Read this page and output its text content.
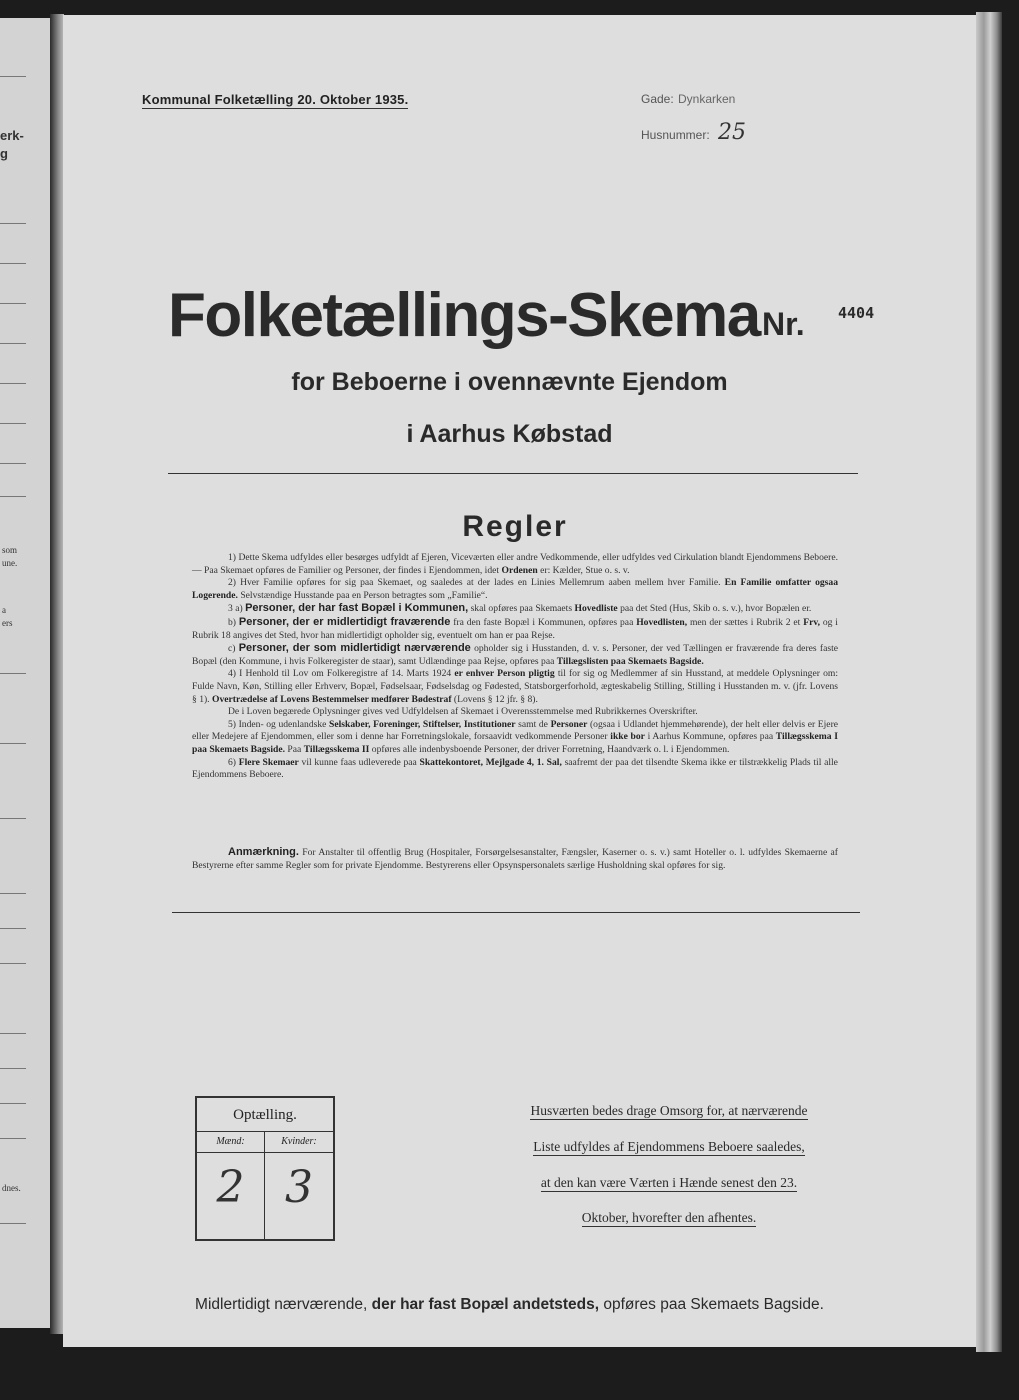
erk-
g
som
une.
a
ers
dnes.
Kommunal Folketælling 20. Oktober 1935.	Gade: Dynkarken
Husnummer: 25
Folketællings-Skema Nr. 4404
for Beboerne i ovennævnte Ejendom
i Aarhus Købstad
Regler

1) Dette Skema udfyldes eller besørges udfyldt af Ejeren, Viceværten eller andre Vedkommende, eller udfyldes ved Cirkulation blandt Ejendommens Beboere. — Paa Skemaet opføres de Familier og Personer, der findes i Ejendommen, idet Ordenen er: Kælder, Stue o. s. v.

2) Hver Familie opføres for sig paa Skemaet, og saaledes at der lades en Linies Mellemrum aaben mellem hver Familie. En Familie omfatter ogsaa Logerende. Selvstændige Husstande paa en Person betragtes som „Familie“.

3 a) Personer, der har fast Bopæl i Kommunen, skal opføres paa Skemaets Hovedliste paa det Sted (Hus, Skib o. s. v.), hvor Bopælen er.

b) Personer, der er midlertidigt fraværende fra den faste Bopæl i Kommunen, opføres paa Hovedlisten, men der sættes i Rubrik 2 et Frv, og i Rubrik 18 angives det Sted, hvor han midlertidigt opholder sig, eventuelt om han er paa Rejse.

c) Personer, der som midlertidigt nærværende opholder sig i Husstanden, d. v. s. Personer, der ved Tællingen er fraværende fra deres faste Bopæl (den Kommune, i hvis Folkeregister de staar), samt Udlændinge paa Rejse, opføres paa Tillægslisten paa Skemaets Bagside.

4) I Henhold til Lov om Folkeregistre af 14. Marts 1924 er enhver Person pligtig til for sig og Medlemmer af sin Husstand, at meddele Oplysninger om: Fulde Navn, Køn, Stilling eller Erhverv, Bopæl, Fødselsaar, Fødselsdag og Fødested, Statsborgerforhold, ægteskabelig Stilling, Stilling i Husstanden m. v. (jfr. Lovens § 1). Overtrædelse af Lovens Bestemmelser medfører Bødestraf (Lovens § 12 jfr. § 8).

De i Loven begærede Oplysninger gives ved Udfyldelsen af Skemaet i Overensstemmelse med Rubrikkernes Overskrifter.

5) Inden- og udenlandske Selskaber, Foreninger, Stiftelser, Institutioner samt de Personer (ogsaa i Udlandet hjemmehørende), der helt eller delvis er Ejere eller Medejere af Ejendommen, eller som i denne har Forretningslokale, forsaavidt vedkommende Personer ikke bor i Aarhus Kommune, opføres paa Tillægsskema I paa Skemaets Bagside. Paa Tillægsskema II opføres alle indenbysboende Personer, der driver Forretning, Haandværk o. l. i Ejendommen.

6) Flere Skemaer vil kunne faas udleverede paa Skattekontoret, Mejlgade 4, 1. Sal, saafremt der paa det tilsendte Skema ikke er tilstrækkelig Plads til alle Ejendommens Beboere.

Anmærkning. For Anstalter til offentlig Brug (Hospitaler, Forsørgelsesanstalter, Fængsler, Kaserner o. s. v.) samt Hoteller o. l. udfyldes Skemaerne af Bestyrerne efter samme Regler som for private Ejendomme. Bestyrerens eller Opsynspersonalets særlige Husholdning skal opføres for sig.

Optælling.
Mænd:
2
Kvinder:
3
Husværten bedes drage Omsorg for, at nærværende
Liste udfyldes af Ejendommens Beboere saaledes,
at den kan være Værten i Hænde senest den 23.
Oktober, hvorefter den afhentes.
Midlertidigt nærværende, der har fast Bopæl andetsteds, opføres paa Skemaets Bagside.
